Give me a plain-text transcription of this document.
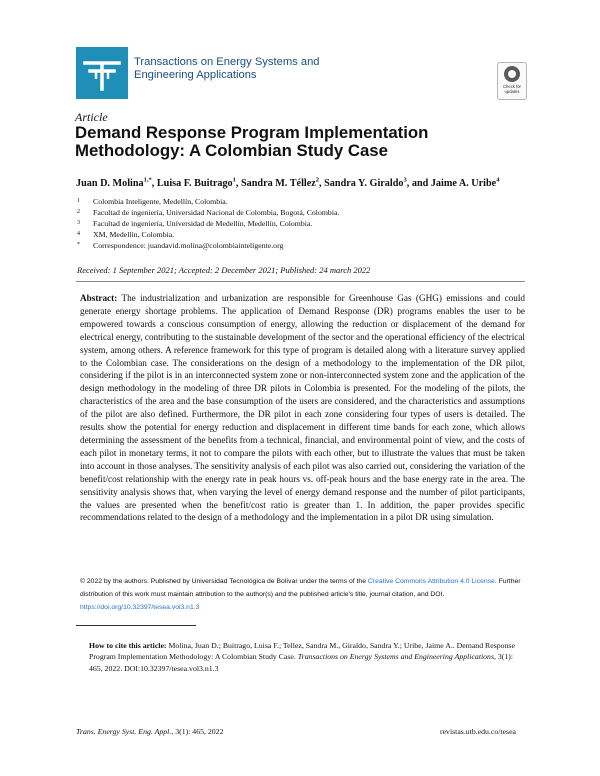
Transactions on Energy Systems and
Engineering Applications
Check for
updates
Article
Demand Response Program Implementation
Methodology: A Colombian Study Case
Juan D. Molina$^{1,*}$, Luisa F. Buitrago$^1$, Sandra M. Téllez$^2$, Sandra Y. Giraldo$^3$, and Jaime A. Uribe$^4$
1	Colombia Inteligente, Medellín, Colombia.
2	Facultad de ingeniería, Universidad Nacional de Colombia, Bogotá, Colombia.
3	Facultad de ingeniería, Universidad de Medellín, Medellín, Colombia.
4	XM, Medellín, Colombia.
*	Correspondence: juandavid.molina@colombiainteligente.org
Received: 1 September 2021; Accepted: 2 December 2021; Published: 24 march 2022
Abstract: The industrialization and urbanization are responsible for Greenhouse Gas (GHG) emissions and could generate energy shortage problems. The application of Demand Response (DR) programs enables the user to be empowered towards a conscious consumption of energy, allowing the reduction or displacement of the demand for electrical energy, contributing to the sustainable development of the sector and the operational efficiency of the electrical system, among others. A reference framework for this type of program is detailed along with a literature survey applied to the Colombian case. The considerations on the design of a methodology to the implementation of the DR pilot, considering if the pilot is in an interconnected system zone or non-interconnected system zone and the application of the design methodology in the modeling of three DR pilots in Colombia is presented. For the modeling of the pilots, the characteristics of the area and the base consumption of the users are considered, and the characteristics and assumptions of the pilot are also defined. Furthermore, the DR pilot in each zone considering four types of users is detailed. The results show the potential for energy reduction and displacement in different time bands for each zone, which allows determining the assessment of the benefits from a technical, financial, and environmental point of view, and the costs of each pilot in monetary terms, it not to compare the pilots with each other, but to illustrate the values that must be taken into account in those analyses. The sensitivity analysis of each pilot was also carried out, considering the variation of the benefit/cost relationship with the energy rate in peak hours vs. off-peak hours and the base energy rate in the area. The sensitivity analysis shows that, when varying the level of energy demand response and the number of pilot participants, the values are presented when the benefit/cost ratio is greater than 1. In addition, the paper provides specific recommendations related to the design of a methodology and the implementation in a pilot DR using simulation.
© 2022 by the authors. Published by Universidad Tecnológica de Bolívar under the terms of the Creative Commons Attribution 4.0 License. Further distribution of this work must maintain attribution to the author(s) and the published article's title, journal citation, and DOI. https://doi.org/10.32397/tesea.vol3.n1.3
How to cite this article: Molina, Juan D.; Buitrago, Luisa F.; Tellez, Sandra M., Giraldo, Sandra Y.; Uribe, Jaime A.. Demand Response Program Implementation Methodology: A Colombian Study Case. Transactions on Energy Systems and Engineering Applications, 3(1): 465, 2022. DOI:10.32397/tesea.vol3.n1.3
Trans. Energy Syst. Eng. Appl., 3(1): 465, 2022	revistas.utb.edu.co/tesea
